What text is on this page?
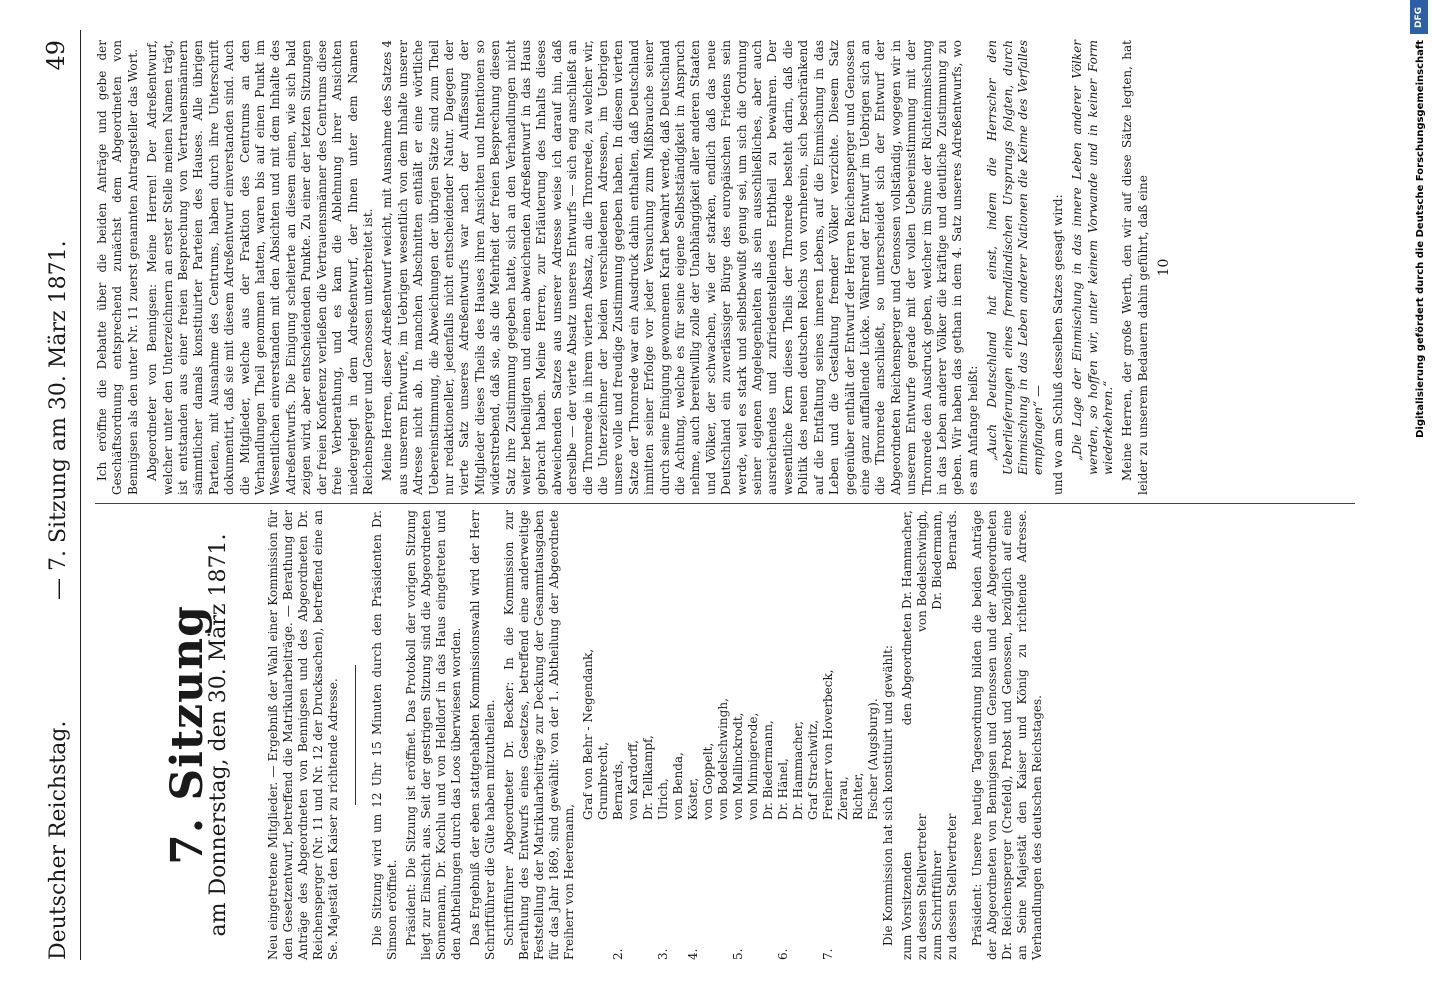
Deutscher Reichstag.
— 7. Sitzung am 30. März 1871.
49
7. Sitzung
am Donnerstag, den 30. März 1871.	Neu eingetretene Mitglieder. — Ergebniß der Wahl einer Kommission für den Gesetzentwurf, betreffend die Matrikularbeiträge. — Berathung der Anträge des Abgeordneten von Bennigsen und des Abgeordneten Dr. Reichensperger (Nr. 11 und Nr. 12 der Drucksachen), betreffend eine an Se. Majestät den Kaiser zu richtende Adresse.	Die Sitzung wird um 12 Uhr 15 Minuten durch den Präsidenten Dr. Simson eröffnet. Präsident: Die Sitzung ist eröffnet. Das Protokoll der vorigen Sitzung liegt zur Einsicht aus. Seit der gestrigen Sitzung sind die Abgeordneten Sonnemann, Dr. Kochlu und von Helldorf in das Haus eingetreten und den Abtheilungen durch das Loos überwiesen worden. Das Ergebniß der eben stattgehabten Kommissionswahl wird der Herr Schriftführer die Güte haben mitzutheilen. Schriftführer Abgeordneter Dr. Becker: In die Kommission zur Berathung des Entwurfs eines Gesetzes, betreffend eine anderweitige Feststellung der Matrikularbeiträge zur Deckung der Gesammtausgaben für das Jahr 1869, sind gewählt: von der 1. Abtheilung der Abgeordnete Freiherr von Heeremann,

	Graf von Behr - Negendank,
	Grumbrecht,
2.	Bernards,
	von Kardorff,
	Dr. Tellkampf,
3.	Ulrich,
	von Benda,
4.	Köster,
	von Goppelt,
	von Bodelschwingh,
5.	von Mallinckrodt,
	von Minnigerode,
	Dr. Biedermann,
6.	Dr. Hänel,
	Dr. Hammacher,
	Graf Strachwitz,
7.	Freiherr von Hoverbeck,
	Zierau,
	Richter,
	Fischer (Augsburg). Die Kommission hat sich konstituirt und gewählt: zum Vorsitzenden
den Abgeordneten Dr. Hammacher,
zu dessen Stellvertreter
von Bodelschwingh,
zum Schriftführer
Dr. Biedermann,
zu dessen Stellvertreter
Bernards. Präsident: Unsere heutige Tagesordnung bilden die beiden Anträge der Abgeordneten von Bennigsen und Genossen und der Abgeordneten Dr. Reichensperger (Crefeld), Probst und Genossen, bezüglich auf eine an Seine Majestät den Kaiser und König zu richtende Adresse. Verhandlungen des deutschen Reichstages.

Ich eröffne die Debatte über die beiden Anträge und gebe der Geschäftsordnung entsprechend zunächst dem Abgeordneten von Bennigsen als den unter Nr. 11 zuerst genannten Antragsteller das Wort. Abgeordneter von Bennigsen: Meine Herren! Der Adreßentwurf, welcher unter den Unterzeichnern an erster Stelle meinen Namen trägt, ist entstanden aus einer freien Besprechung von Vertrauensmännern sämmtlicher damals konstituirter Parteien des Hauses. Alle übrigen Parteien, mit Ausnahme des Centrums, haben durch ihre Unterschrift dokumentirt, daß sie mit diesem Adreßentwurf einverstanden sind. Auch die Mitglieder, welche aus der Fraktion des Centrums an den Verhandlungen Theil genommen hatten, waren bis auf einen Punkt im Wesentlichen einverstanden mit den Absichten und mit dem Inhalte des Adreßentwurfs. Die Einigung scheiterte an diesem einen, wie sich bald zeigen wird, aber entscheidenden Punkte. Zu einer der letzten Sitzungen der freien Konferenz verließen die Vertrauensmänner des Centrums diese freie Verberathung, und es kam die Ablehnung ihrer Ansichten niedergelegt in dem Adreßentwurf, der Ihnen unter dem Namen Reichensperger und Genossen unterbreitet ist. Meine Herren, dieser Adreßentwurf weicht, mit Ausnahme des Satzes 4 aus unserem Entwurfe, im Uebrigen wesentlich von dem Inhalte unserer Adresse nicht ab. In manchen Abschnitten enthält er eine wörtliche Uebereinstimmung, die Abweichungen der übrigen Sätze sind zum Theil nur redaktioneller, jedenfalls nicht entscheidender Natur. Dagegen der vierte Satz unseres Adreßentwurfs war nach der Auffassung der Mitglieder dieses Theils des Hauses ihren Ansichten und Intentionen so widerstrebend, daß sie, als die Mehrheit der freien Besprechung diesen Satz ihre Zustimmung gegeben hatte, sich an den Verhandlungen nicht weiter betheiligten und einen abweichenden Adreßentwurf in das Haus gebracht haben. Meine Herren, zur Erläuterung des Inhalts dieses abweichenden Satzes aus unserer Adresse weise ich darauf hin, daß derselbe — der vierte Absatz unseres Entwurfs — sich eng anschließt an die Thronrede in ihrem vierten Absatz, an die Thronrede, zu welcher wir, die Unterzeichner der beiden verschiedenen Adressen, im Uebrigen unsere volle und freudige Zustimmung gegeben haben. In diesem vierten Satze der Thronrede war ein Ausdruck dahin enthalten, daß Deutschland inmitten seiner Erfolge vor jeder Versuchung zum Mißbrauche seiner durch seine Einigung gewonnenen Kraft bewahrt werde, daß Deutschland die Achtung, welche es für seine eigene Selbstständigkeit in Anspruch nehme, auch bereitwillig zolle der Unabhängigkeit aller anderen Staaten und Völker, der schwachen, wie der starken, endlich daß das neue Deutschland ein zuverlässiger Bürge des europäischen Friedens sein werde, weil es stark und selbstbewußt genug sei, um sich die Ordnung seiner eigenen Angelegenheiten als sein ausschließliches, aber auch ausreichendes und zufriedenstellendes Erbtheil zu bewahren. Der wesentliche Kern dieses Theils der Thronrede besteht darin, daß die Politik des neuen deutschen Reichs von vornherein, sich beschränkend auf die Entfaltung seines inneren Lebens, auf die Einmischung in das Leben und die Gestaltung fremder Völker verzichte. Diesem Satz gegenüber enthält der Entwurf der Herren Reichensperger und Genossen eine ganz auffallende Lücke. Während der Entwurf im Uebrigen sich an die Thronrede anschließt, so unterscheidet sich der Entwurf der Abgeordneten Reichensperger und Genossen vollständig, wogegen wir in unserem Entwurfe gerade mit der vollen Uebereinstimmung mit der Thronrede den Ausdruck geben, welcher im Sinne der Richteinmischung in das Leben anderer Völker die kräftige und deutliche Zustimmung zu geben. Wir haben das gethan in dem 4. Satz unseres Adreßentwurfs, wo es am Anfange heißt: „Auch Deutschland hat einst, indem die Herrscher den Ueberlieferungen eines fremdländischen Ursprungs folgten, durch Einmischung in das Leben anderer Nationen die Keime des Verfalles empfangen“ — und wo am Schluß desselben Satzes gesagt wird: „Die Lage der Einmischung in das innere Leben anderer Völker werden, so hoffen wir, unter keinem Vorwande und in keiner Form wiederkehren.“ Meine Herren, der große Werth, den wir auf diese Sätze legten, hat leider zu unserem Bedauern dahin geführt, daß eine 10
DFG
Digitalisierung gefördert durch die Deutsche Forschungsgemeinschaft
